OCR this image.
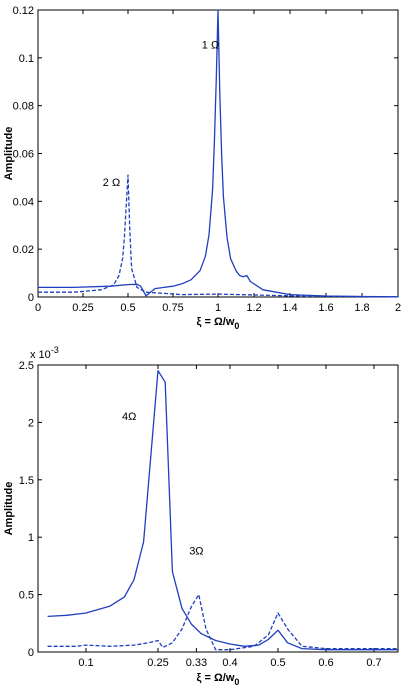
0	0.25 0.5 0.75	1 1.2 1.4 1.6 1.8 2
0
0.02
0.04
0.06
0.08
0.1
0.12
$\xi = \Omega/w_0$
Amplitude
1 Ω
2 Ω
0.1	0.25 0.33 0.4	0.5	0.6	0.7
0
0.5
1
1.5
2
2.5
x $10^{-3}$
$\xi = \Omega/w_0$
Amplitude
4Ω
3Ω
